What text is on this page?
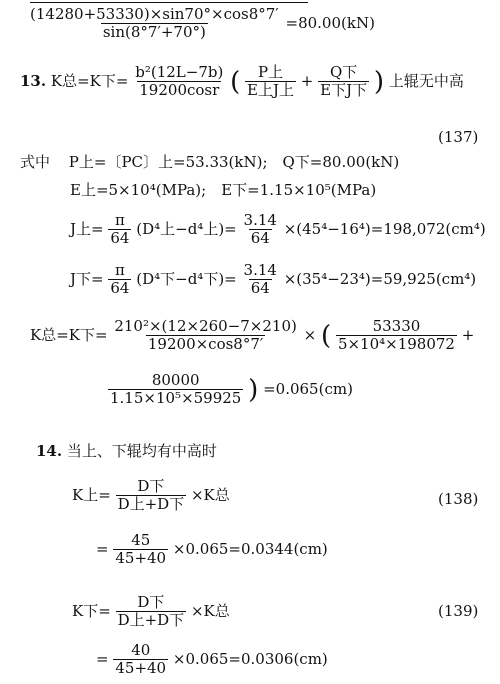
$\frac{(14280+53330)\times\sin 70^\circ\times\cos 8^\circ 7'}{\sin(8^\circ 7'+70^\circ)} =80.00(kN)$
13. K总=K下= $\frac{\text{b²(12L−7b)}}{19200\cos r}$ ( $\frac{\text{P上}}{\text{E上J上}} + \frac{\text{Q下}}{\text{E下J下}}$ ) 上辊无中高
(137)
式中 P上=〔PC〕上=53.33(kN);　Q下=80.00(kN)
E上=5×10⁴(MPa);　E下=1.15×10⁵(MPa)
J上= $\frac{\pi}{64} (D^4$上−d⁴上)= $\frac{3.14}{64} \times(45^4-16^4)=198,072(cm^4)$
J下= $\frac{\pi}{64} (D^4$下−d⁴下)= $\frac{3.14}{64} \times(35^4-23^4)=59,925(cm^4)$
K总=K下= $\frac{\text{210²×(12×260−7×210)}}{19200\times\cos 8^\circ 7'}$ × ( $\frac{53330}{\text{5×10⁴×198072}}$ +
$\frac{80000}{\text{1.15×10⁵×59925}}$ ) =0.065(cm)
14. 当上、下辊均有中高时
K上= $\frac{\text{D下}}{\text{D上+D下}} \times K$总	(138)
= $\frac{45}{45+40} \times 0.065=0.0344(cm)$
K下= $\frac{\text{D下}}{\text{D上+D下}} \times K$总	(139)
= $\frac{40}{45+40} \times 0.065=0.0306(cm)$
